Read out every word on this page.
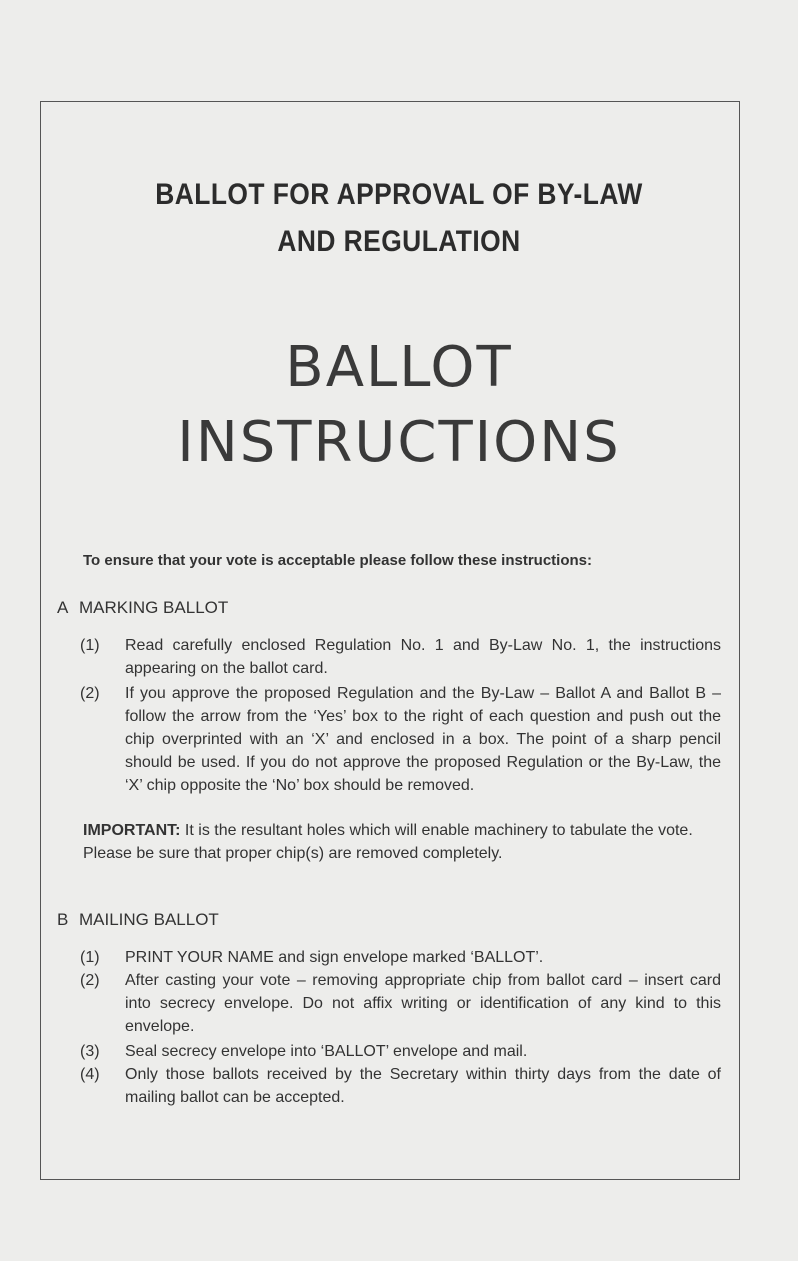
BALLOT FOR APPROVAL OF BY-LAW
AND REGULATION
BALLOT
INSTRUCTIONS
To ensure that your vote is acceptable please follow these instructions:
A MARKING BALLOT
(1) Read carefully enclosed Regulation No. 1 and By-Law No. 1, the instructions appearing on the ballot card.
(2) If you approve the proposed Regulation and the By-Law – Ballot A and Ballot B – follow the arrow from the ‘Yes’ box to the right of each question and push out the chip overprinted with an ‘X’ and enclosed in a box. The point of a sharp pencil should be used. If you do not approve the proposed Regulation or the By-Law, the ‘X’ chip opposite the ‘No’ box should be removed.
IMPORTANT: It is the resultant holes which will enable machinery to tabulate the vote. Please be sure that proper chip(s) are removed completely.
B MAILING BALLOT
(1) PRINT YOUR NAME and sign envelope marked ‘BALLOT’.
(2) After casting your vote – removing appropriate chip from ballot card – insert card into secrecy envelope. Do not affix writing or identification of any kind to this envelope.
(3) Seal secrecy envelope into ‘BALLOT’ envelope and mail.
(4) Only those ballots received by the Secretary within thirty days from the date of mailing ballot can be accepted.
